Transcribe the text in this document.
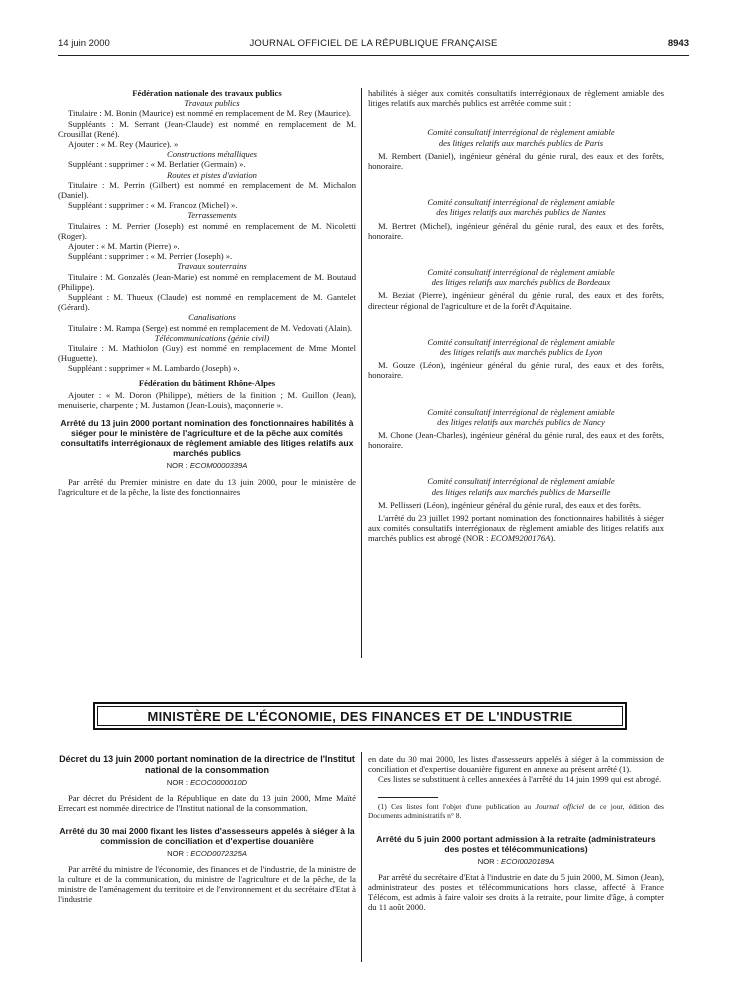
14 juin 2000	JOURNAL OFFICIEL DE LA RÉPUBLIQUE FRANÇAISE	8943

Fédération nationale des travaux publics

Travaux publics

Titulaire : M. Bonin (Maurice) est nommé en remplacement de M. Rey (Maurice).

Suppléants : M. Serrant (Jean-Claude) est nommé en remplacement de M. Crousillat (René).

Ajouter : « M. Rey (Maurice). »

Constructions métalliques

Suppléant : supprimer : « M. Berlatier (Germain) ».

Routes et pistes d'aviation

Titulaire : M. Perrin (Gilbert) est nommé en remplacement de M. Michalon (Daniel).

Suppléant : supprimer : « M. Francoz (Michel) ».

Terrassements

Titulaires : M. Perrier (Joseph) est nommé en remplacement de M. Nicoletti (Roger).

Ajouter : « M. Martin (Pierre) ».

Suppléant : supprimer : « M. Perrier (Joseph) ».

Travaux souterrains

Titulaire : M. Gonzalès (Jean-Marie) est nommé en remplacement de M. Boutaud (Philippe).

Suppléant : M. Thueux (Claude) est nommé en remplacement de M. Gantelet (Gérard).

Canalisations

Titulaire : M. Rampa (Serge) est nommé en remplacement de M. Vedovati (Alain).

Télécommunications (génie civil)

Titulaire : M. Mathiolon (Guy) est nommé en remplacement de Mme Montel (Huguette).

Suppléant : supprimer « M. Lambardo (Joseph) ».

Fédération du bâtiment Rhône-Alpes

Ajouter : « M. Doron (Philippe), métiers de la finition ; M. Guillon (Jean), menuiserie, charpente ; M. Justamon (Jean-Louis), maçonnerie ».

Arrêté du 13 juin 2000 portant nomination des fonctionnaires habilités à siéger pour le ministère de l'agriculture et de la pêche aux comités consultatifs interrégionaux de règlement amiable des litiges relatifs aux marchés publics
NOR : ECOM0000339A

Par arrêté du Premier ministre en date du 13 juin 2000, pour le ministère de l'agriculture et de la pêche, la liste des fonctionnaires

habilités à siéger aux comités consultatifs interrégionaux de règlement amiable des litiges relatifs aux marchés publics est arrêtée comme suit :

Comité consultatif interrégional de règlement amiable

des litiges relatifs aux marchés publics de Paris

M. Rembert (Daniel), ingénieur général du génie rural, des eaux et des forêts, honoraire.

Comité consultatif interrégional de règlement amiable

des litiges relatifs aux marchés publics de Nantes

M. Bertret (Michel), ingénieur général du génie rural, des eaux et des forêts, honoraire.

Comité consultatif interrégional de règlement amiable

des litiges relatifs aux marchés publics de Bordeaux

M. Beziat (Pierre), ingénieur général du génie rural, des eaux et des forêts, directeur régional de l'agriculture et de la forêt d'Aquitaine.

Comité consultatif interrégional de règlement amiable

des litiges relatifs aux marchés publics de Lyon

M. Gouze (Léon), ingénieur général du génie rural, des eaux et des forêts, honoraire.

Comité consultatif interrégional de règlement amiable

des litiges relatifs aux marchés publics de Nancy

M. Chone (Jean-Charles), ingénieur général du génie rural, des eaux et des forêts, honoraire.

Comité consultatif interrégional de règlement amiable

des litiges relatifs aux marchés publics de Marseille

M. Pellisseri (Léon), ingénieur général du génie rural, des eaux et des forêts.

L'arrêté du 23 juillet 1992 portant nomination des fonctionnaires habilités à siéger aux comités consultatifs interrégionaux de règlement amiable des litiges relatifs aux marchés publics est abrogé (NOR : ECOM9200176A).

MINISTÈRE DE L'ÉCONOMIE, DES FINANCES ET DE L'INDUSTRIE
Décret du 13 juin 2000 portant nomination de la directrice de l'Institut national de la consommation
NOR : ECOC0000010D

Par décret du Président de la République en date du 13 juin 2000, Mme Maïté Errecart est nommée directrice de l'Institut national de la consommation.

Arrêté du 30 mai 2000 fixant les listes d'assesseurs appelés à siéger à la commission de conciliation et d'expertise douanière
NOR : ECOD0072325A

Par arrêté du ministre de l'économie, des finances et de l'industrie, de la ministre de la culture et de la communication, du ministre de l'agriculture et de la pêche, de la ministre de l'aménagement du territoire et de l'environnement et du secrétaire d'Etat à l'industrie

en date du 30 mai 2000, les listes d'assesseurs appelés à siéger à la commission de conciliation et d'expertise douanière figurent en annexe au présent arrêté (1).

Ces listes se substituent à celles annexées à l'arrêté du 14 juin 1999 qui est abrogé.

(1) Ces listes font l'objet d'une publication au Journal officiel de ce jour, édition des Documents administratifs n° 8.

Arrêté du 5 juin 2000 portant admission à la retraite (administrateurs des postes et télécommunications)
NOR : ECOI0020189A

Par arrêté du secrétaire d'Etat à l'industrie en date du 5 juin 2000, M. Simon (Jean), administrateur des postes et télécommunications hors classe, affecté à France Télécom, est admis à faire valoir ses droits à la retraite, pour limite d'âge, à compter du 11 août 2000.
